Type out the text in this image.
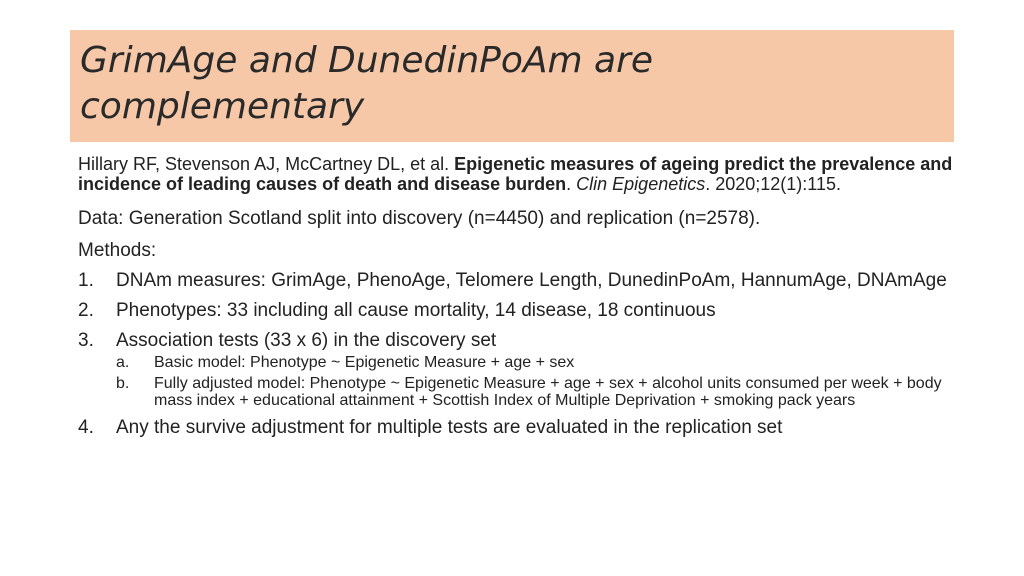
GrimAge and DunedinPoAm are complementary

Hillary RF, Stevenson AJ, McCartney DL, et al. Epigenetic measures of ageing predict the prevalence and incidence of leading causes of death and disease burden. Clin Epigenetics. 2020;12(1):115.

Data: Generation Scotland split into discovery (n=4450) and replication (n=2578).

Methods:

1. DNAm measures: GrimAge, PhenoAge, Telomere Length, DunedinPoAm, HannumAge, DNAmAge
2. Phenotypes: 33 including all cause mortality, 14 disease, 18 continuous
3. Association tests (33 x 6) in the discovery set
a. Basic model: Phenotype ~ Epigenetic Measure + age + sex
b. Fully adjusted model: Phenotype ~ Epigenetic Measure + age + sex + alcohol units consumed per week + body mass index + educational attainment + Scottish Index of Multiple Deprivation + smoking pack years
4. Any the survive adjustment for multiple tests are evaluated in the replication set
